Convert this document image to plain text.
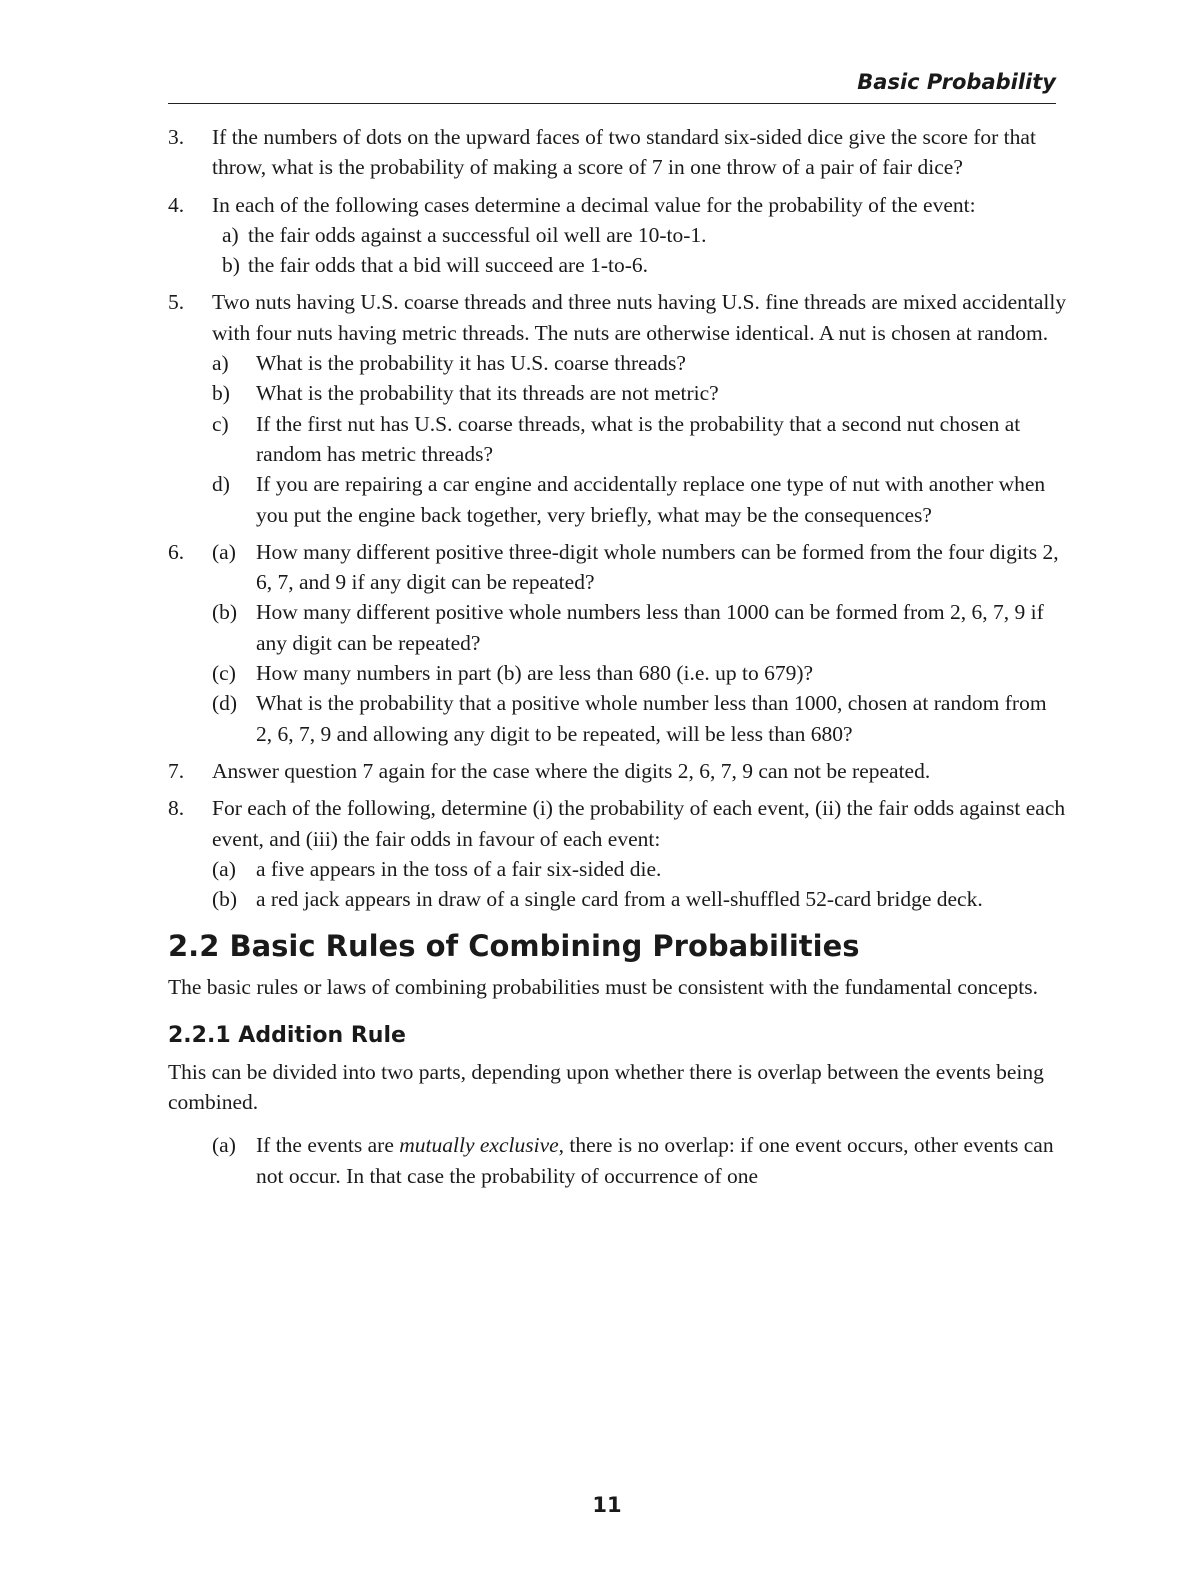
Basic Probability
3. If the numbers of dots on the upward faces of two standard six-sided dice give the score for that throw, what is the probability of making a score of 7 in one throw of a pair of fair dice?
4. In each of the following cases determine a decimal value for the probability of the event:
a) the fair odds against a successful oil well are 10-to-1.
b) the fair odds that a bid will succeed are 1-to-6.
5. Two nuts having U.S. coarse threads and three nuts having U.S. fine threads are mixed accidentally with four nuts having metric threads. The nuts are otherwise identical. A nut is chosen at random.
a) What is the probability it has U.S. coarse threads?
b) What is the probability that its threads are not metric?
c) If the first nut has U.S. coarse threads, what is the probability that a second nut chosen at random has metric threads?
d) If you are repairing a car engine and accidentally replace one type of nut with another when you put the engine back together, very briefly, what may be the consequences?
6. (a) How many different positive three-digit whole numbers can be formed from the four digits 2, 6, 7, and 9 if any digit can be repeated?
(b) How many different positive whole numbers less than 1000 can be formed from 2, 6, 7, 9 if any digit can be repeated?
(c) How many numbers in part (b) are less than 680 (i.e. up to 679)?
(d) What is the probability that a positive whole number less than 1000, chosen at random from 2, 6, 7, 9 and allowing any digit to be repeated, will be less than 680?
7. Answer question 7 again for the case where the digits 2, 6, 7, 9 can not be repeated.
8. For each of the following, determine (i) the probability of each event, (ii) the fair odds against each event, and (iii) the fair odds in favour of each event:
(a) a five appears in the toss of a fair six-sided die.
(b) a red jack appears in draw of a single card from a well-shuffled 52-card bridge deck.
2.2 Basic Rules of Combining Probabilities

The basic rules or laws of combining probabilities must be consistent with the fundamental concepts.

2.2.1 Addition Rule

This can be divided into two parts, depending upon whether there is overlap between the events being combined.

(a) If the events are mutually exclusive, there is no overlap: if one event occurs, other events can not occur. In that case the probability of occurrence of one
11
